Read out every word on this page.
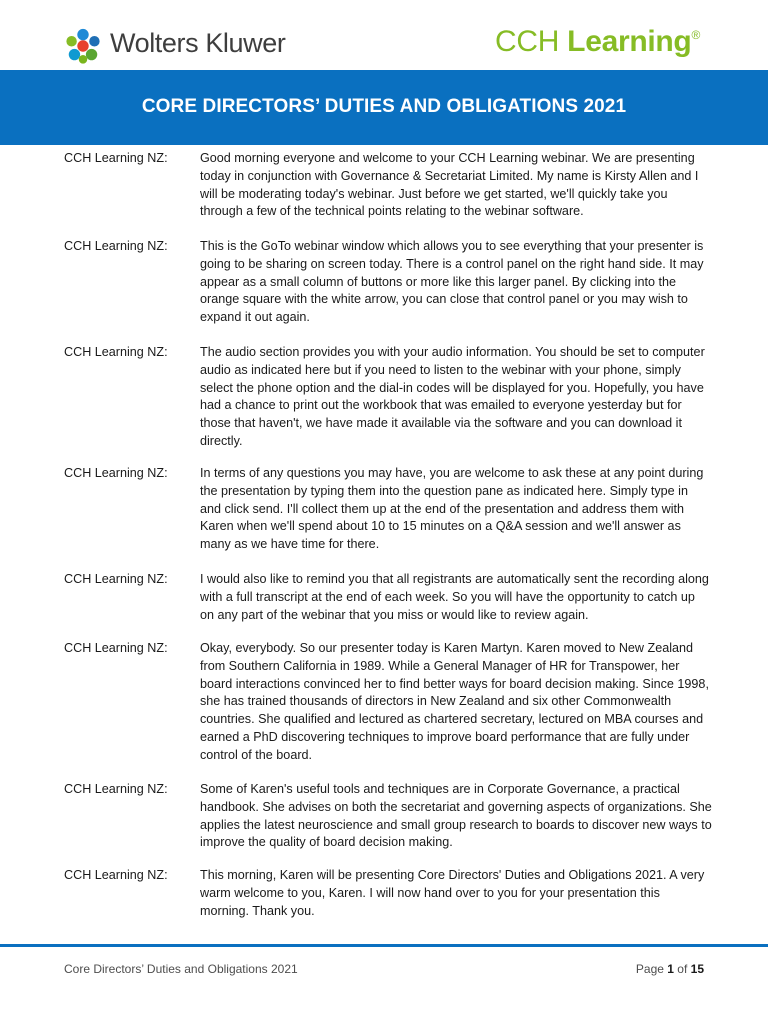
Wolters Kluwer	CCH Learning®
CORE DIRECTORS’ DUTIES AND OBLIGATIONS 2021
CCH Learning NZ:	Good morning everyone and welcome to your CCH Learning webinar. We are presenting today in conjunction with Governance & Secretariat Limited. My name is Kirsty Allen and I will be moderating today's webinar. Just before we get started, we'll quickly take you through a few of the technical points relating to the webinar software.
CCH Learning NZ:	This is the GoTo webinar window which allows you to see everything that your presenter is going to be sharing on screen today. There is a control panel on the right hand side. It may appear as a small column of buttons or more like this larger panel. By clicking into the orange square with the white arrow, you can close that control panel or you may wish to expand it out again.
CCH Learning NZ:	The audio section provides you with your audio information. You should be set to computer audio as indicated here but if you need to listen to the webinar with your phone, simply select the phone option and the dial-in codes will be displayed for you. Hopefully, you have had a chance to print out the workbook that was emailed to everyone yesterday but for those that haven't, we have made it available via the software and you can download it directly.
CCH Learning NZ:	In terms of any questions you may have, you are welcome to ask these at any point during the presentation by typing them into the question pane as indicated here. Simply type in and click send. I'll collect them up at the end of the presentation and address them with Karen when we'll spend about 10 to 15 minutes on a Q&A session and we'll answer as many as we have time for there.
CCH Learning NZ:	I would also like to remind you that all registrants are automatically sent the recording along with a full transcript at the end of each week. So you will have the opportunity to catch up on any part of the webinar that you miss or would like to review again.
CCH Learning NZ:	Okay, everybody. So our presenter today is Karen Martyn. Karen moved to New Zealand from Southern California in 1989. While a General Manager of HR for Transpower, her board interactions convinced her to find better ways for board decision making. Since 1998, she has trained thousands of directors in New Zealand and six other Commonwealth countries. She qualified and lectured as chartered secretary, lectured on MBA courses and earned a PhD discovering techniques to improve board performance that are fully under control of the board.
CCH Learning NZ:	Some of Karen's useful tools and techniques are in Corporate Governance, a practical handbook. She advises on both the secretariat and governing aspects of organizations. She applies the latest neuroscience and small group research to boards to discover new ways to improve the quality of board decision making.
CCH Learning NZ:	This morning, Karen will be presenting Core Directors' Duties and Obligations 2021. A very warm welcome to you, Karen. I will now hand over to you for your presentation this morning. Thank you.
Core Directors’ Duties and Obligations 2021	Page 1 of 15
